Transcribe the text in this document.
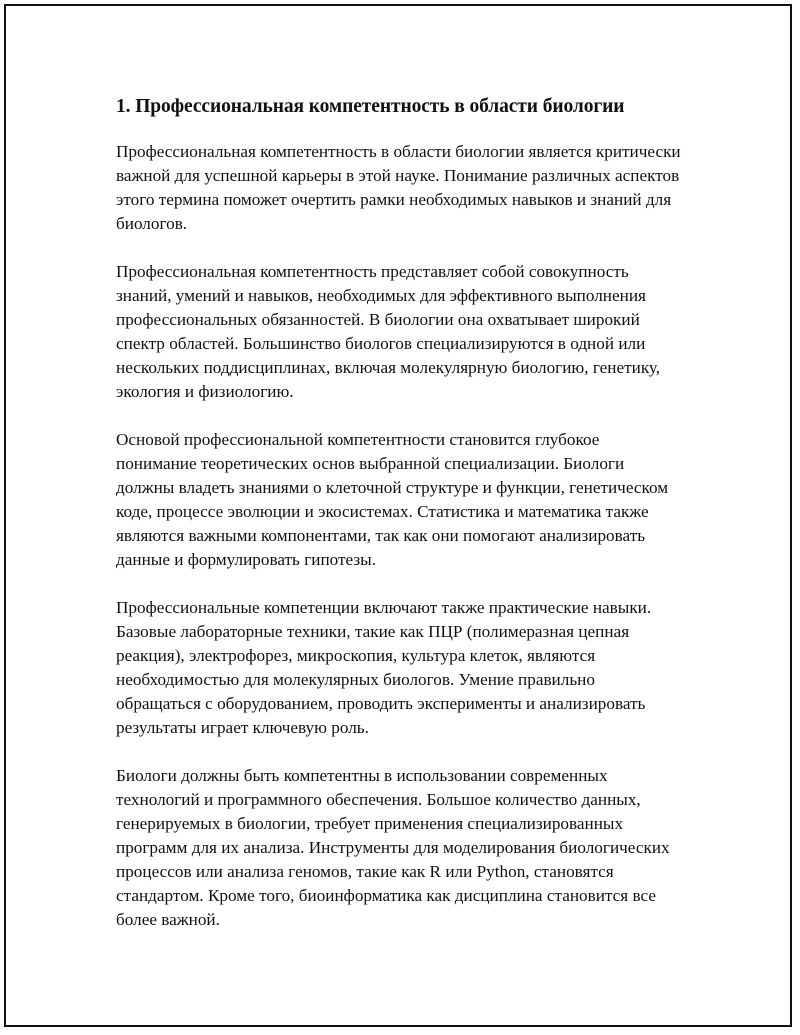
1. Профессиональная компетентность в области биологии

Профессиональная компетентность в области биологии является критически важной для успешной карьеры в этой науке. Понимание различных аспектов этого термина поможет очертить рамки необходимых навыков и знаний для биологов.

Профессиональная компетентность представляет собой совокупность знаний, умений и навыков, необходимых для эффективного выполнения профессиональных обязанностей. В биологии она охватывает широкий спектр областей. Большинство биологов специализируются в одной или нескольких поддисциплинах, включая молекулярную биологию, генетику, экология и физиологию.

Основой профессиональной компетентности становится глубокое понимание теоретических основ выбранной специализации. Биологи должны владеть знаниями о клеточной структуре и функции, генетическом коде, процессе эволюции и экосистемах. Статистика и математика также являются важными компонентами, так как они помогают анализировать данные и формулировать гипотезы.

Профессиональные компетенции включают также практические навыки. Базовые лабораторные техники, такие как ПЦР (полимеразная цепная реакция), электрофорез, микроскопия, культура клеток, являются необходимостью для молекулярных биологов. Умение правильно обращаться с оборудованием, проводить эксперименты и анализировать результаты играет ключевую роль.

Биологи должны быть компетентны в использовании современных технологий и программного обеспечения. Большое количество данных, генерируемых в биологии, требует применения специализированных программ для их анализа. Инструменты для моделирования биологических процессов или анализа геномов, такие как R или Python, становятся стандартом. Кроме того, биоинформатика как дисциплина становится все более важной.
